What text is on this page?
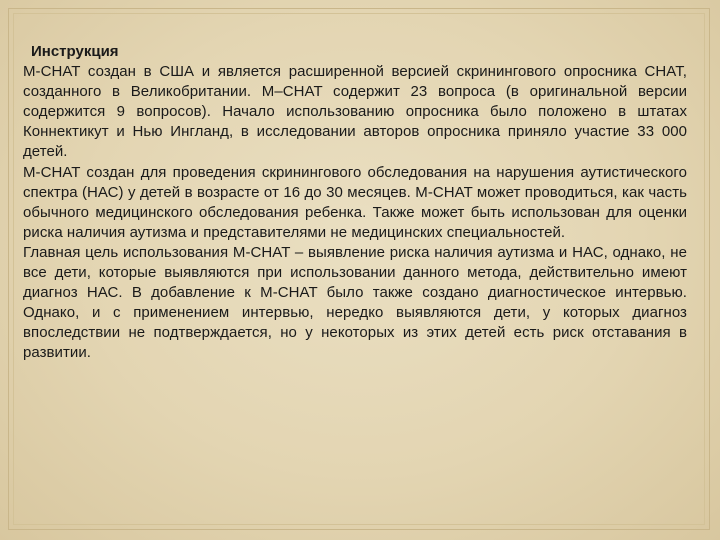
Инструкция

M-CHAT создан в США и является расширенной версией скринингового опросника CHAT, созданного в Великобритании. M–CHAT содержит 23 вопроса (в оригинальной версии содержится 9 вопросов). Начало использованию опросника было положено в штатах Коннектикут и Нью Ингланд, в исследовании авторов опросника приняло участие 33 000 детей.

M-CHAT создан для проведения скринингового обследования на нарушения аутистического спектра (НАС) у детей в возрасте от 16 до 30 месяцев. M-CHAT может проводиться, как часть обычного медицинского обследования ребенка. Также может быть использован для оценки риска наличия аутизма и представителями не медицинских специальностей.

Главная цель использования M-CHAT – выявление риска наличия аутизма и НАС, однако, не все дети, которые выявляются при использовании данного метода, действительно имеют диагноз НАС. В добавление к M-CHAT было также создано диагностическое интервью. Однако, и с применением интервью, нередко выявляются дети, у которых диагноз впоследствии не подтверждается, но у некоторых из этих детей есть риск отставания в развитии.
